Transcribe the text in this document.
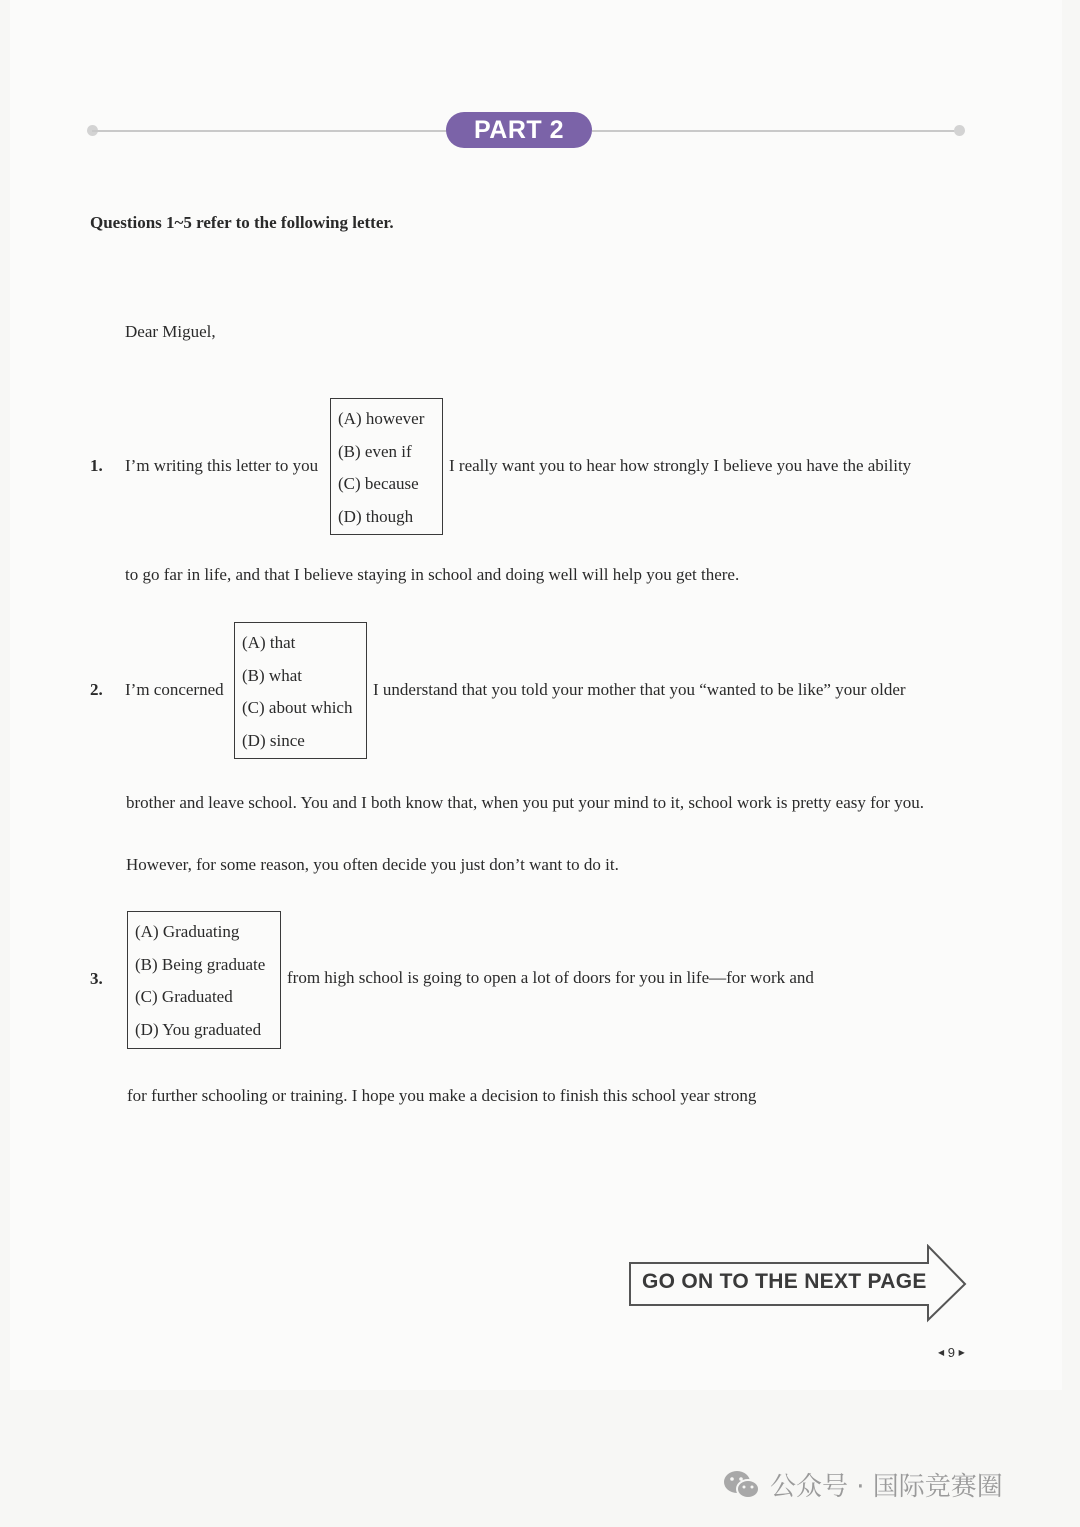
PART 2
Questions 1~5 refer to the following letter.
Dear Miguel,
1. I’m writing this letter to you
(A) however
(B) even if
(C) because
(D) though
I really want you to hear how strongly I believe you have the ability
to go far in life, and that I believe staying in school and doing well will help you get there.
2. I’m concerned
(A) that
(B) what
(C) about which
(D) since
I understand that you told your mother that you “wanted to be like” your older
brother and leave school. You and I both know that, when you put your mind to it, school work is pretty easy for you.
However, for some reason, you often decide you just don’t want to do it.
3.
(A) Graduating
(B) Being graduate
(C) Graduated
(D) You graduated
from high school is going to open a lot of doors for you in life—for work and
for further schooling or training. I hope you make a decision to finish this school year strong
GO ON TO THE NEXT PAGE
◀ 9 ▶
公众号 · 国际竞赛圈
